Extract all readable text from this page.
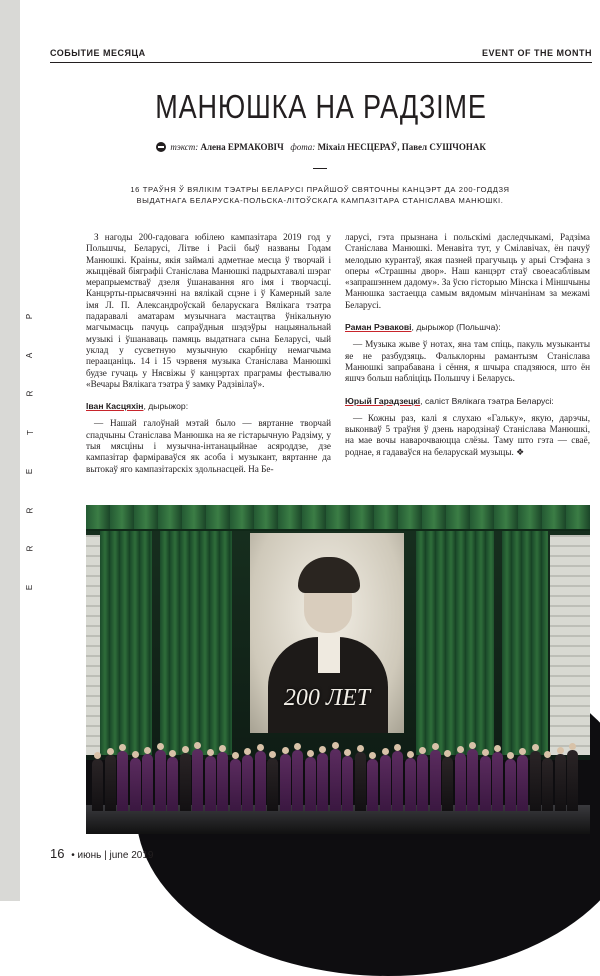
P
A
R
T
E
R
R
E
СОБЫТИЕ МЕСЯЦА	EVENT OF THE MONTH
МАНЮШКА НА РАДЗІМЕ
тэкст: Алена ЕРМАКОВІЧ фота: Міхаіл НЕСЦЕРАЎ, Павел СУШЧОНАК
16 ТРАЎНЯ Ў ВЯЛІКІМ ТЭАТРЫ БЕЛАРУСІ ПРАЙШОЎ СВЯТОЧНЫ КАНЦЭРТ ДА 200-ГОДДЗЯ ВЫДАТНАГА БЕЛАРУСКА-ПОЛЬСКА-ЛІТОЎСКАГА КАМПАЗІТАРА СТАНІСЛАВА МАНЮШКІ.

З нагоды 200-гадовага юбілею кампазітара 2019 год у Польшчы, Беларусі, Літве і Расіі быў названы Годам Манюшкі. Краіны, якія займалі адметнае месца ў творчай і жыццёвай біяграфіі Станіслава Манюшкі падрыхтавалі шэраг мерапрыемстваў дзеля ўшанавання яго імя і творчасці. Канцэрты-прысвячэнні на вялікай сцэне і ў Камерный зале імя Л. П. Александроўскай беларускага Вялікага тэатра падаравалі аматарам музычнага мастацтва ўнікальную магчымасць пачуць сапраўдныя шэдэўры нацыянальнай музыкі і ўшанаваць памяць выдатнага сына Беларусі, чый уклад у сусветную музычную скарбніцу немагчыма пераацаніць. 14 і 15 чэрвеня музыка Станіслава Манюшкі будзе гучаць у Нясвіжы ў канцэртах праграмы фестывалю «Вечары Вялікага тэатра ў замку Радзівілаў».

Іван Касцяхін, дырыжор:

— Нашай галоўнай мэтай было — вяртанне творчай спадчыны Станіслава Манюшка на яе гістарычную Радзіму, у тыя мясціны і музычна-інтанацыйнае асяроддзе, дзе кампазітар фарміраваўся як асоба і музыкант, вяртанне да вытокаў яго кампазітарскіх здольнасцей. На Бе-

ларусі, гэта прызнана і польскімі даследчыкамі, Радзіма Станіслава Манюшкі. Менавіта тут, у Смілавічах, ён пачуў мелодыю курантаў, якая пазней прагучыць у арыі Стэфана з оперы «Страшны двор». Наш канцэрт стаў своеасаблівым «запрашэннем дадому». За ўсю гісторыю Мінска і Міншчыны Манюшка застаецца самым вядомым мінчанінам за межамі Беларусі.

Раман Рэвакові, дырыжор (Польшча):

— Музыка жыве ў нотах, яна там спіць, пакуль музыканты яе не разбудзяць. Фальклорны рамантызм Станіслава Манюшкі запрабавана і сёння, я шчыра спадзяюся, што ён яшчэ больш набліціць Польшчу і Беларусь.

Юрый Гарадзецкі, саліст Вялікага тэатра Беларусі:

— Кожны раз, калі я слухаю «Гальку», якую, дарэчы, выконваў 5 траўня ў дзень народзінаў Станіслава Манюшкі, на мае вочы навaрочваюцца слёзы. Таму што гэта — сваё, роднае, я гадаваўся на беларускай музыцы. ❖

200 ЛЕТ
16 • июнь | june 2019
